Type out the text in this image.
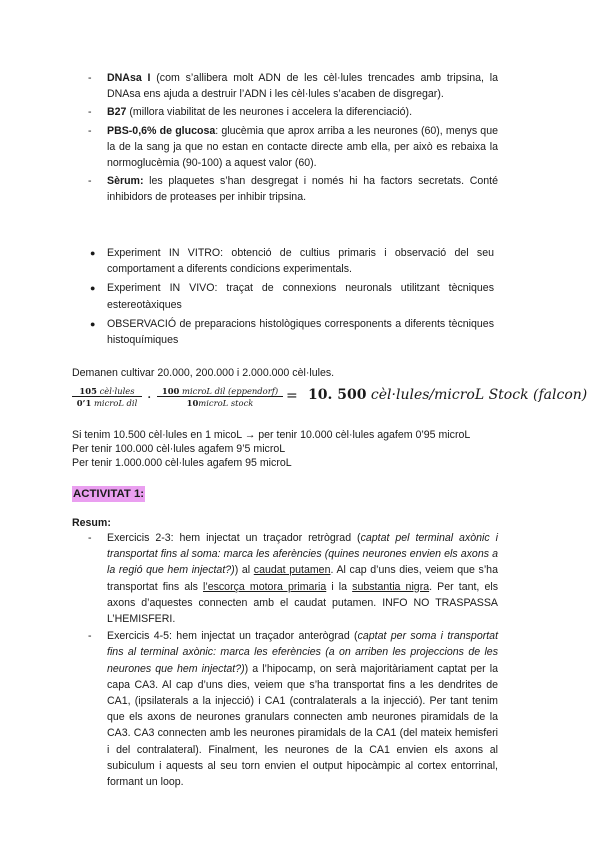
- DNAsa I (com s’allibera molt ADN de les cèl·lules trencades amb tripsina, la DNAsa ens ajuda a destruir l’ADN i les cèl·lules s’acaben de disgregar).
- B27 (millora viabilitat de les neurones i accelera la diferenciació).
- PBS-0,6% de glucosa: glucèmia que aprox arriba a les neurones (60), menys que la de la sang ja que no estan en contacte directe amb ella, per això es rebaixa la normoglucèmia (90-100) a aquest valor (60).
- Sèrum: les plaquetes s’han desgregat i només hi ha factors secretats. Conté inhibidors de proteases per inhibir tripsina.
● Experiment IN VITRO: obtenció de cultius primaris i observació del seu comportament a diferents condicions experimentals.
● Experiment IN VIVO: traçat de connexions neuronals utilitzant tècniques estereotàxiques
● OBSERVACIÓ de preparacions histològiques corresponents a diferents tècniques histoquímiques
Demanen cultivar 20.000, 200.000 i 2.000.000 cèl·lules.
105 cèl·lules
0’1 microL dil ·	100 microL dil (eppendorf)
10microL stock	= 10. 500 cèl·lules/microL Stock (falcon)
Si tenim 10.500 cèl·lules en 1 micoL → per tenir 10.000 cèl·lules agafem 0’95 microL
Per tenir 100.000 cèl·lules agafem 9’5 microL
Per tenir 1.000.000 cèl·lules agafem 95 microL
ACTIVITAT 1:
Resum:
- Exercicis 2-3: hem injectat un traçador retrògrad (captat pel terminal axònic i transportat fins al soma: marca les aferències (quines neurones envien els axons a la regió que hem injectat?)) al caudat putamen. Al cap d’uns dies, veiem que s’ha transportat fins als l’escorça motora primaria i la substantia nigra. Per tant, els axons d’aquestes connecten amb el caudat putamen. INFO NO TRASPASSA L’HEMISFERI.
- Exercicis 4-5: hem injectat un traçador anterògrad (captat per soma i transportat fins al terminal axònic: marca les eferències (a on arriben les projeccions de les neurones que hem injectat?)) a l’hipocamp, on serà majoritàriament captat per la capa CA3. Al cap d’uns dies, veiem que s’ha transportat fins a les dendrites de CA1, (ipsilaterals a la injecció) i CA1 (contralaterals a la injecció). Per tant tenim que els axons de neurones granulars connecten amb neurones piramidals de la CA3. CA3 connecten amb les neurones piramidals de la CA1 (del mateix hemisferi i del contralateral). Finalment, les neurones de la CA1 envien els axons al subiculum i aquests al seu torn envien el output hipocàmpic al cortex entorrinal, formant un loop.
